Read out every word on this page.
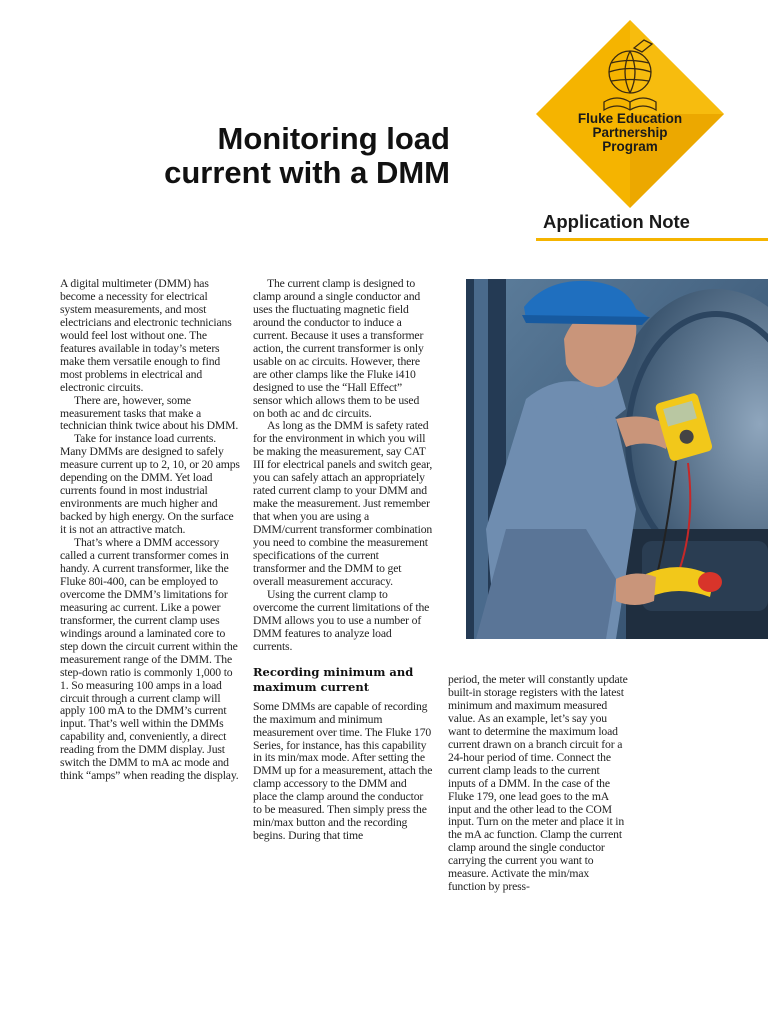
Monitoring load
current with a DMM
Fluke Education
Partnership
Program
Application Note

A digital multimeter (DMM) has become a necessity for electrical system measurements, and most electricians and electronic technicians would feel lost without one. The features available in today’s meters make them versatile enough to find most problems in electrical and electronic circuits.

There are, however, some measurement tasks that make a technician think twice about his DMM.

Take for instance load currents. Many DMMs are designed to safely measure current up to 2, 10, or 20 amps depending on the DMM. Yet load currents found in most industrial environments are much higher and backed by high energy. On the surface it is not an attractive match.

That’s where a DMM accessory called a current transformer comes in handy. A current transformer, like the Fluke 80i-400, can be employed to overcome the DMM’s limitations for measuring ac current. Like a power transformer, the current clamp uses windings around a laminated core to step down the circuit current within the measurement range of the DMM. The step-down ratio is commonly 1,000 to 1. So measuring 100 amps in a load circuit through a current clamp will apply 100 mA to the DMM’s current input. That’s well within the DMMs capability and, conveniently, a direct reading from the DMM display. Just switch the DMM to mA ac mode and think “amps” when reading the display.

The current clamp is designed to clamp around a single conductor and uses the fluctuating magnetic field around the conductor to induce a current. Because it uses a transformer action, the current transformer is only usable on ac circuits. However, there are other clamps like the Fluke i410 designed to use the “Hall Effect” sensor which allows them to be used on both ac and dc circuits.

As long as the DMM is safety rated for the environment in which you will be making the measurement, say CAT III for electrical panels and switch gear, you can safely attach an appropriately rated current clamp to your DMM and make the measurement. Just remember that when you are using a DMM/current transformer combination you need to combine the measurement specifications of the current transformer and the DMM to get overall measurement accuracy.

Using the current clamp to overcome the current limitations of the DMM allows you to use a number of DMM features to analyze load currents.

Recording minimum and maximum current

Some DMMs are capable of recording the maximum and minimum measurement over time. The Fluke 170 Series, for instance, has this capability in its min/max mode. After setting the DMM up for a measurement, attach the clamp accessory to the DMM and place the clamp around the conductor to be measured. Then simply press the min/max button and the recording begins. During that time

period, the meter will constantly update built-in storage registers with the latest minimum and maximum measured value. As an example, let’s say you want to determine the maximum load current drawn on a branch circuit for a 24-hour period of time. Connect the current clamp leads to the current inputs of a DMM. In the case of the Fluke 179, one lead goes to the mA input and the other lead to the COM input. Turn on the meter and place it in the mA ac function. Clamp the current clamp around the single conductor carrying the current you want to measure. Activate the min/max function by press-
